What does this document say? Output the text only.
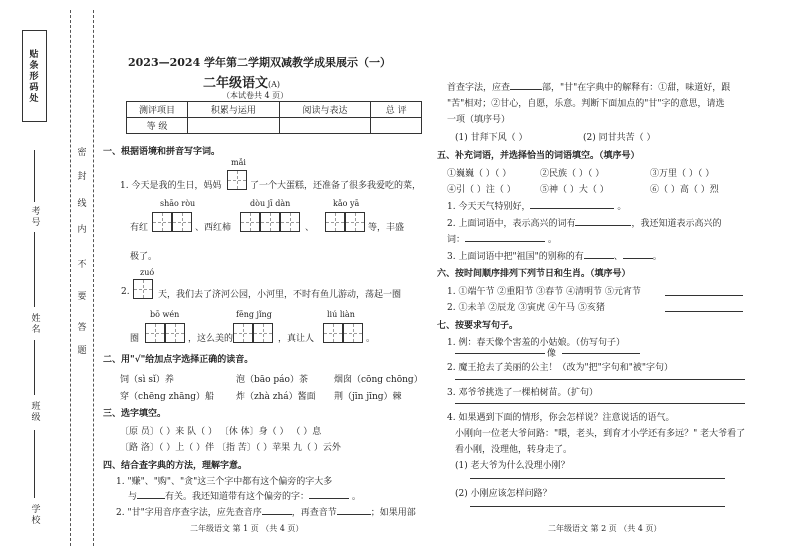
贴条形码处
考号
姓名
班级
学校
密
封
线
内
不
要
答
题
2023—2024 学年第二学期双减教学成果展示（一）
二年级语文(A)
（本试卷共 4 页）
测评项目	积累与运用	阅读与表达	总 评
等 级			
一、根据语境和拼音写字词。
mǎi
1. 今天是我的生日，妈妈	了一个大蛋糕，还准备了很多我爱吃的菜，
shāo ròu	dòu jī dàn	kǎo yā
有红	、西红柿	、	等，丰盛
极了。
zuó
2.	天，我们去了济河公园，小河里，不时有鱼儿游动，荡起一圈
bō wén	fēng jǐng	liú liàn
圈	，这么美的	，真让人	。
二、用"√"给加点字选择正确的读音。
饲（sì sǐ）养	泡（bāo páo）茶	烟囱（cōng chōng）
穿（chēng zhāng）船 炸（zhà zhá）酱面 荆（jīn jīng）棘
三、选字填空。
〔原 员〕（ ）来 队（ ） 〔休 体〕身（ ） （ ）息
〔路 洛〕（ ）上（ ）伴 〔指 苦〕（ ）苹果 九（ ）云外
四、结合查字典的方法，理解字意。
1. "赚"、"购"、"贪"这三个字中都有这个偏旁的字大多
与	有关。我还知道带有这个偏旁的字：	。
2. "甘"字用音序查字法，应先查音序	，再查音节	；如果用部
二年级语文 第 1 页 （共 4 页）
首查字法，应查	部，"甘"在字典中的解释有：①甜，味道好，跟
"苦"相对；②甘心，自愿，乐意。判断下面加点的"甘"字的意思，请选
一项（填序号）
(1) 甘拜下风（ ）	(2) 同甘共苦（ ）
五、补充词语，并选择恰当的词语填空。（填序号）
①巍巍（ ）（ ）	②民族（ ）（ ）	③万里（ ）（ ）
④引（ ）注（ ）	⑤神（ ）大（ ）	⑥（ ）高（ ）烈
1. 今天天气特别好，	。
2. 上面词语中，表示高兴的词有	，我还知道表示高兴的
词：	。
3. 上面词语中把"祖国"的别称的有	、	。
六、按时间顺序排列下列节日和生肖。（填序号）
1. ①端午节 ②重阳节 ③春节 ④清明节 ⑤元宵节
2. ①未羊 ②辰龙 ③寅虎 ④午马 ⑤亥猪
七、按要求写句子。
1. 例：春天像个害羞的小姑娘。（仿写句子）
像
2. 魔王抢去了美丽的公主！（改为"把"字句和"被"字句）
3. 邓爷爷挑选了一棵柏树苗。（扩句）
4. 如果遇到下面的情形，你会怎样说？注意说话的语气。
小刚向一位老大爷问路："喂，老头，到育才小学还有多远？" 老大爷看了
看小刚，没理他，转身走了。
(1) 老大爷为什么没理小刚？
(2) 小刚应该怎样问路？
二年级语文 第 2 页 （共 4 页）
